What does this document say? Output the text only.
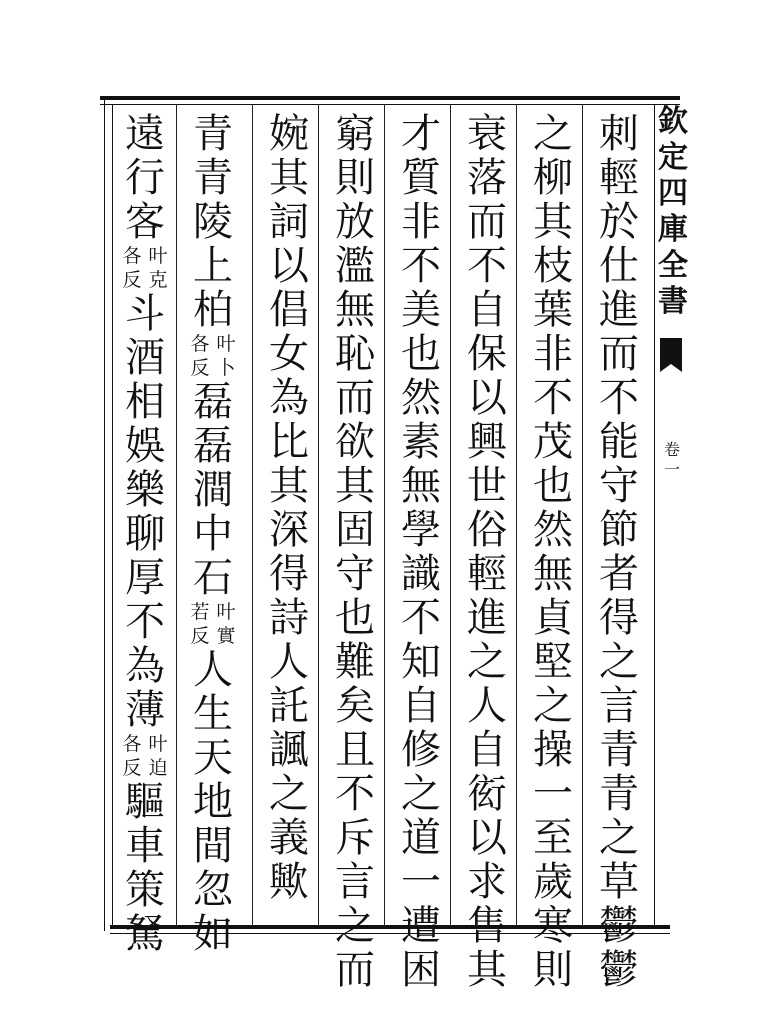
欽定四庫全書
卷一
刺輕於仕進而不能守節者得之言青青之草鬱鬱
之柳其枝葉非不茂也然無貞堅之操一至歲寒則
衰落而不自保以興世俗輕進之人自衒以求售其
才質非不美也然素無學識不知自修之道一遭困
窮則放濫無恥而欲其固守也難矣且不斥言之而
婉其詞以倡女為比其深得詩人託諷之義歟
青青陵上柏
叶卜
各反
磊磊澗中石
叶實
若反
人生天地間忽如
遠行客
叶克
各反
斗酒相娛樂聊厚不為薄
叶迫
各反
驅車策駑
